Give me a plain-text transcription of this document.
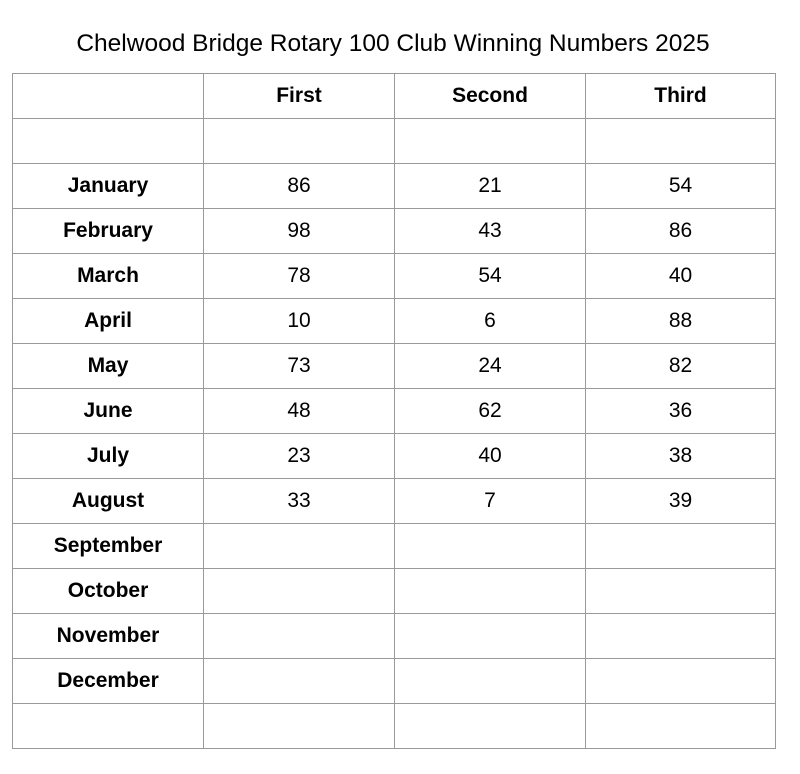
Chelwood Bridge Rotary 100 Club Winning Numbers 2025
	First	Second	Third

January	86	21	54
February	98	43	86
March	78	54	40
April	10	6	88
May	73	24	82
June	48	62	36
July	23	40	38
August	33	7	39
September			
October			
November			
December			
